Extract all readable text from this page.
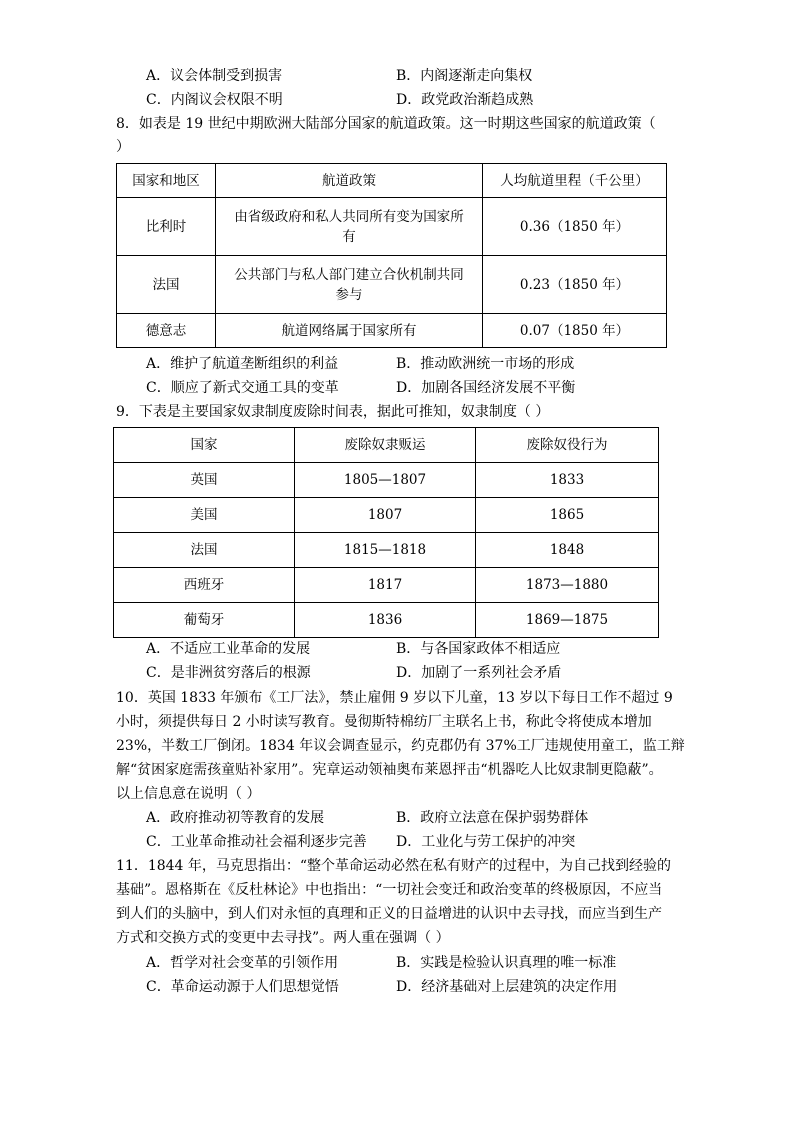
A．议会体制受到损害	B．内阁逐渐走向集权
C．内阁议会权限不明	D．政党政治渐趋成熟
8．如表是 19 世纪中期欧洲大陆部分国家的航道政策。这一时期这些国家的航道政策（
）
国家和地区	航道政策	人均航道里程（千公里）
比利时	由省级政府和私人共同所有变为国家所
有	0.36（1850 年）
法国	公共部门与私人部门建立合伙机制共同
参与	0.23（1850 年）
德意志	航道网络属于国家所有	0.07（1850 年）
A．维护了航道垄断组织的利益	B．推动欧洲统一市场的形成
C．顺应了新式交通工具的变革	D．加剧各国经济发展不平衡
9．下表是主要国家奴隶制度废除时间表，据此可推知，奴隶制度（ ）
国家	废除奴隶贩运	废除奴役行为
英国	1805—1807	1833
美国	1807	1865
法国	1815—1818	1848
西班牙	1817	1873—1880
葡萄牙	1836	1869—1875
A．不适应工业革命的发展	B．与各国家政体不相适应
C．是非洲贫穷落后的根源	D．加剧了一系列社会矛盾
10．英国 1833 年颁布《工厂法》，禁止雇佣 9 岁以下儿童，13 岁以下每日工作不超过 9
小时，须提供每日 2 小时读写教育。曼彻斯特棉纺厂主联名上书，称此令将使成本增加
23%，半数工厂倒闭。1834 年议会调查显示，约克郡仍有 37%工厂违规使用童工，监工辩
解“贫困家庭需孩童贴补家用”。宪章运动领袖奥布莱恩抨击“机器吃人比奴隶制更隐蔽”。
以上信息意在说明（ ）
A．政府推动初等教育的发展	B．政府立法意在保护弱势群体
C．工业革命推动社会福利逐步完善 D．工业化与劳工保护的冲突
11．1844 年，马克思指出：“整个革命运动必然在私有财产的过程中，为自己找到经验的
基础”。恩格斯在《反杜林论》中也指出：“一切社会变迁和政治变革的终极原因，不应当
到人们的头脑中，到人们对永恒的真理和正义的日益增进的认识中去寻找，而应当到生产
方式和交换方式的变更中去寻找”。两人重在强调（ ）
A．哲学对社会变革的引领作用	B．实践是检验认识真理的唯一标准
C．革命运动源于人们思想觉悟	D．经济基础对上层建筑的决定作用
